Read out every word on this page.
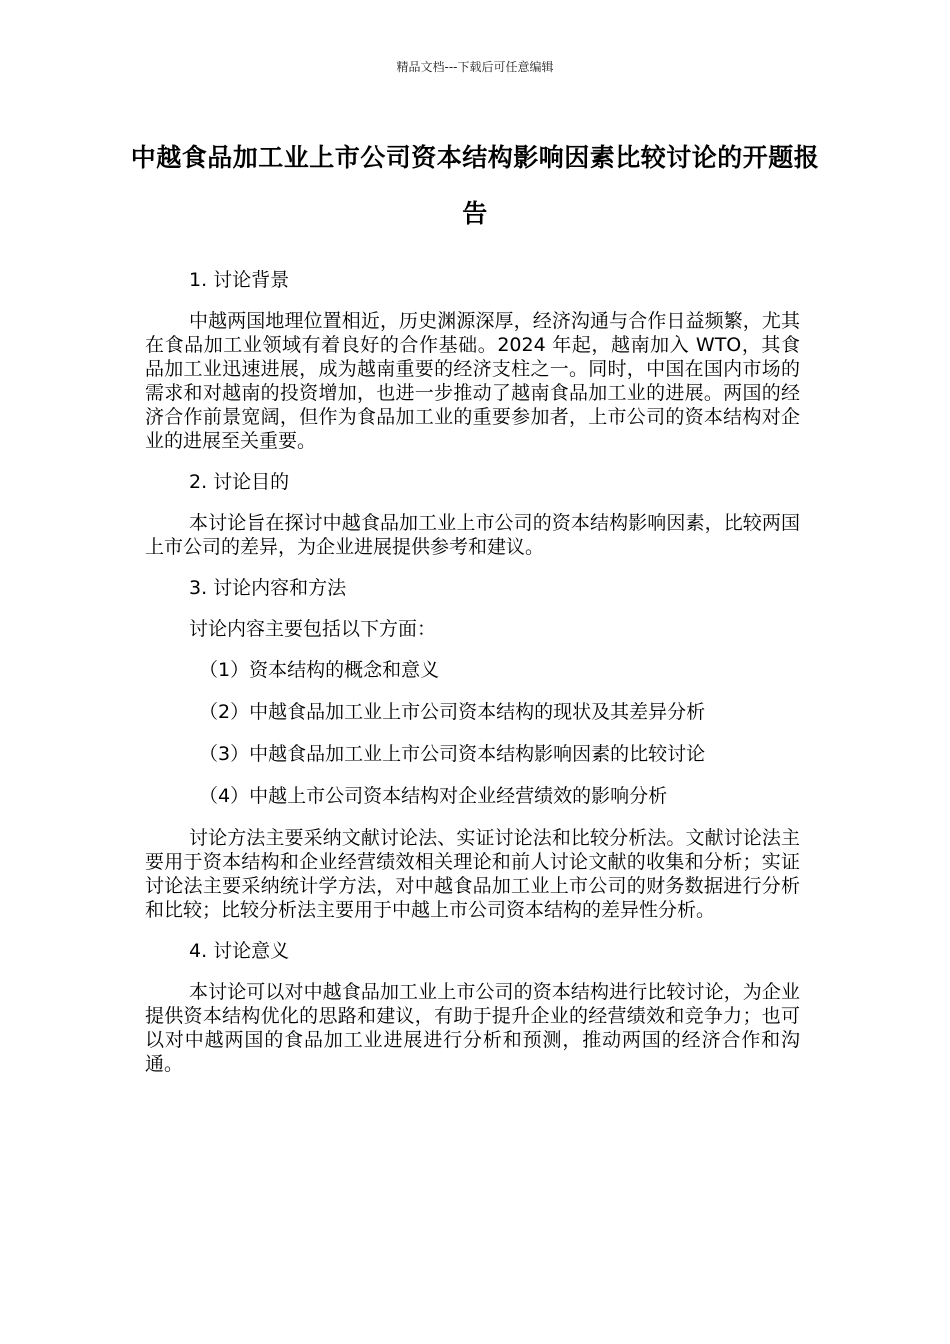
精品文档---下载后可任意编辑
中越食品加工业上市公司资本结构影响因素比较讨论的开题报告
1. 讨论背景
中越两国地理位置相近，历史渊源深厚，经济沟通与合作日益频繁，尤其在食品加工业领域有着良好的合作基础。2024 年起，越南加入 WTO，其食品加工业迅速进展，成为越南重要的经济支柱之一。同时，中国在国内市场的需求和对越南的投资增加，也进一步推动了越南食品加工业的进展。两国的经济合作前景宽阔，但作为食品加工业的重要参加者，上市公司的资本结构对企业的进展至关重要。
2. 讨论目的
本讨论旨在探讨中越食品加工业上市公司的资本结构影响因素，比较两国上市公司的差异，为企业进展提供参考和建议。
3. 讨论内容和方法
讨论内容主要包括以下方面：
（1）资本结构的概念和意义
（2）中越食品加工业上市公司资本结构的现状及其差异分析
（3）中越食品加工业上市公司资本结构影响因素的比较讨论
（4）中越上市公司资本结构对企业经营绩效的影响分析
讨论方法主要采纳文献讨论法、实证讨论法和比较分析法。文献讨论法主要用于资本结构和企业经营绩效相关理论和前人讨论文献的收集和分析；实证讨论法主要采纳统计学方法，对中越食品加工业上市公司的财务数据进行分析和比较；比较分析法主要用于中越上市公司资本结构的差异性分析。
4. 讨论意义
本讨论可以对中越食品加工业上市公司的资本结构进行比较讨论，为企业提供资本结构优化的思路和建议，有助于提升企业的经营绩效和竞争力；也可以对中越两国的食品加工业进展进行分析和预测，推动两国的经济合作和沟通。
